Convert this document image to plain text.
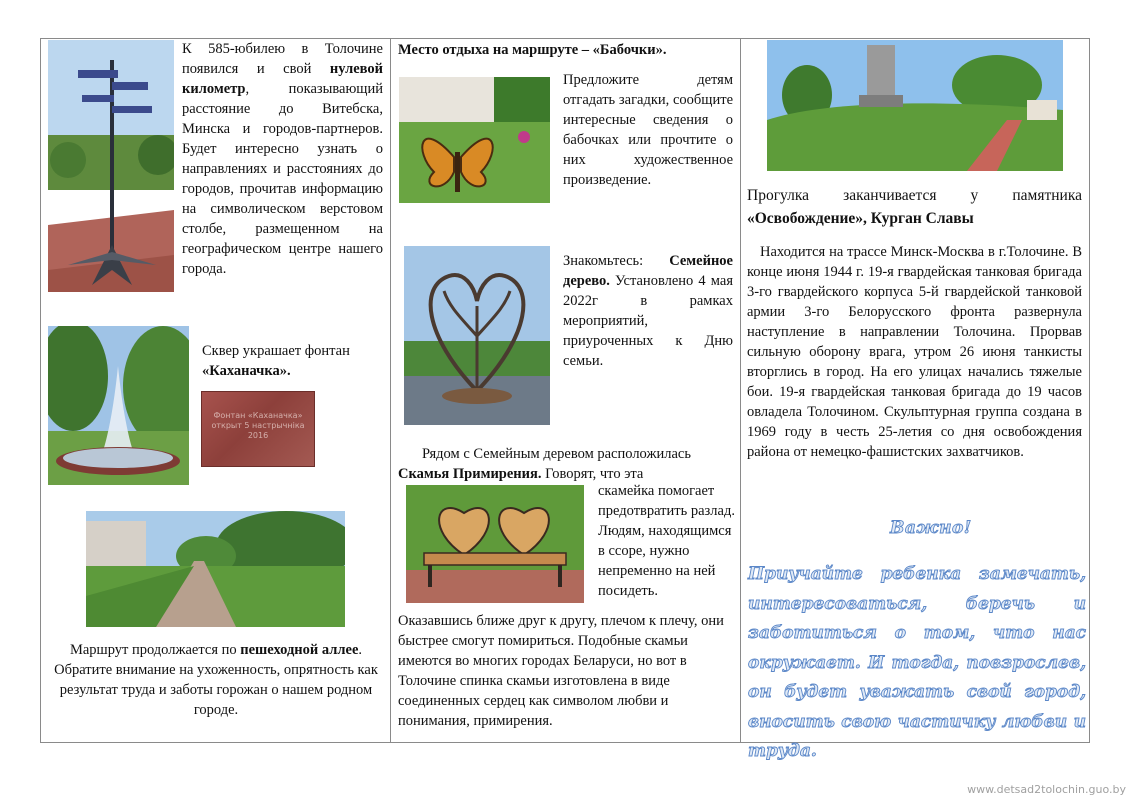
К 585-юбилею в Толочине появился и свой нулевой километр, показывающий расстояние до Витебска, Минска и городов-партнеров. Будет интересно узнать о направлениях и расстояниях до городов, прочитав информацию на символическом верстовом столбе, размещенном на географическом центре нашего города.
Сквер украшает фонтан
«Каханачка».
Фонтан «Каханачка» открыт 5 настрычнiка 2016
Маршрут продолжается по пешеходной аллее. Обратите внимание на ухоженность, опрятность как результат труда и заботы горожан о нашем родном городе.
Место отдыха на маршруте – «Бабочки».
Предложите детям отгадать загадки, сообщите интересные сведения о бабочках или прочтите о них художественное произведение.
Знакомьтесь: Семейное дерево. Установлено 4 мая 2022г в рамках мероприятий, приуроченных к Дню семьи.
Рядом с Семейным деревом расположилась Скамья Примирения. Говорят, что эта
скамейка помогает предотвратить разлад. Людям, находящимся в ссоре, нужно непременно на ней посидеть.
Оказавшись ближе друг к другу, плечом к плечу, они быстрее смогут помириться. Подобные скамьи имеются во многих городах Беларуси, но вот в Толочине спинка скамьи изготовлена в виде соединенных сердец как символом любви и понимания, примирения.
Прогулка заканчивается у памятника
«Освобождение», Курган Славы
Находится на трассе Минск-Москва в г.Толочине. В конце июня 1944 г. 19-я гвардейская танковая бригада 3-го гвардейского корпуса 5-й гвардейской танковой армии 3-го Белорусского фронта развернула наступление в направлении Толочина. Прорвав сильную оборону врага, утром 26 июня танкисты вторглись в город. На его улицах начались тяжелые бои. 19-я гвардейская танковая бригада до 19 часов овладела Толочином. Скульптурная группа создана в 1969 году в честь 25-летия со дня освобождения района от немецко-фашистских захватчиков.
Важно!
Приучайте ребенка замечать, интересоваться, беречь и заботиться о том, что нас окружает. И тогда, повзрослев, он будет уважать свой город, вносить свою частичку любви и труда.
www.detsad2tolochin.guo.by
